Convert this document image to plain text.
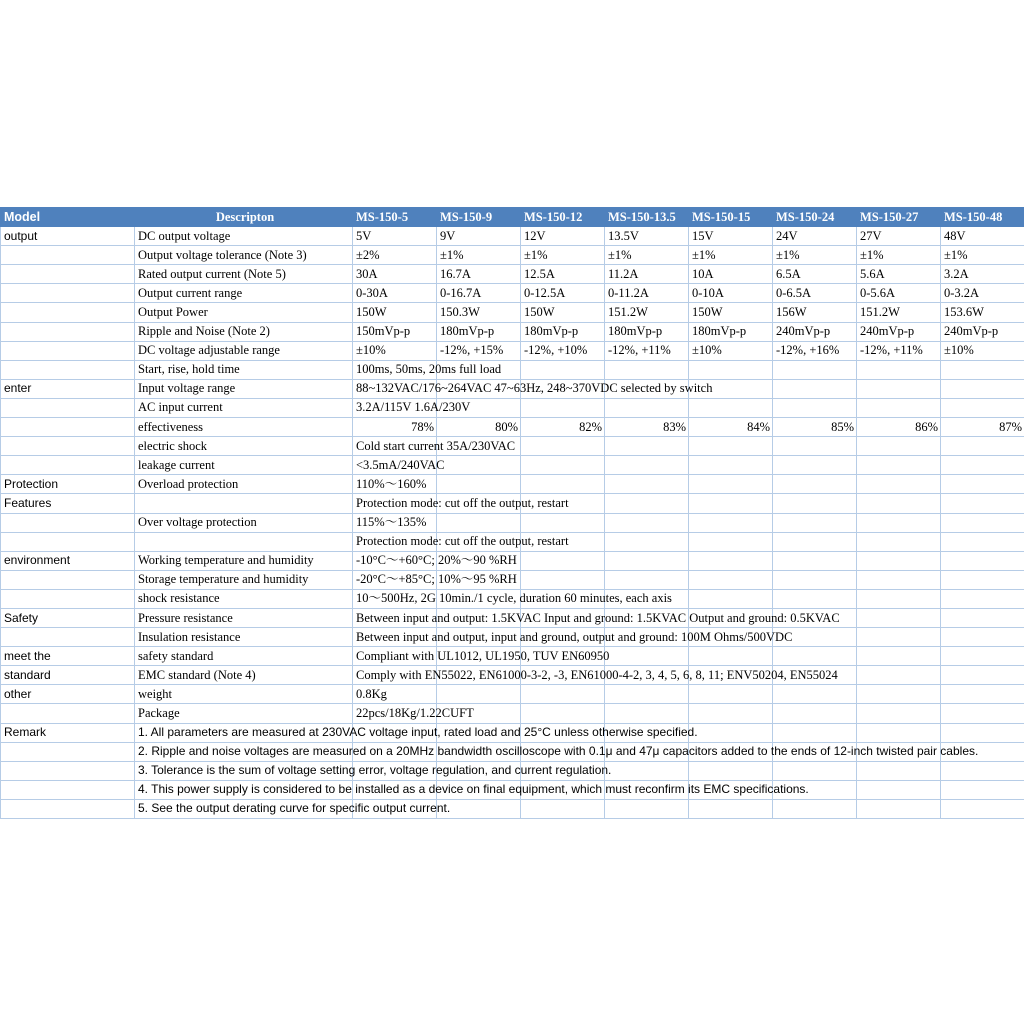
Model	Descripton	MS-150-5	MS-150-9	MS-150-12	MS-150-13.5	MS-150-15	MS-150-24	MS-150-27	MS-150-48
output	DC output voltage	5V	9V	12V	13.5V	15V	24V	27V	48V
	Output voltage tolerance (Note 3)	±2%	±1%	±1%	±1%	±1%	±1%	±1%	±1%
	Rated output current (Note 5)	30A	16.7A	12.5A	11.2A	10A	6.5A	5.6A	3.2A
	Output current range	0-30A	0-16.7A	0-12.5A	0-11.2A	0-10A	0-6.5A	0-5.6A	0-3.2A
	Output Power	150W	150.3W	150W	151.2W	150W	156W	151.2W	153.6W
	Ripple and Noise (Note 2)	150mVp-p	180mVp-p	180mVp-p	180mVp-p	180mVp-p	240mVp-p	240mVp-p	240mVp-p
	DC voltage adjustable range	±10%	-12%, +15%	-12%, +10%	-12%, +11%	±10%	-12%, +16%	-12%, +11%	±10%
	Start, rise, hold time	100ms, 50ms, 20ms full load							
enter	Input voltage range	88~132VAC/176~264VAC 47~63Hz, 248~370VDC selected by switch							
	AC input current	3.2A/115V 1.6A/230V							
	effectiveness	78%	80%	82%	83%	84%	85%	86%	87%
	electric shock	Cold start current 35A/230VAC							
	leakage current	<3.5mA/240VAC							
Protection	Overload protection	110%～160%							
Features		Protection mode: cut off the output, restart							
	Over voltage protection	115%～135%							
		Protection mode: cut off the output, restart							
environment	Working temperature and humidity	-10°C～+60°C; 20%～90 %RH							
	Storage temperature and humidity	-20°C～+85°C; 10%～95 %RH							
	shock resistance	10～500Hz, 2G 10min./1 cycle, duration 60 minutes, each axis							
Safety	Pressure resistance	Between input and output: 1.5KVAC Input and ground: 1.5KVAC Output and ground: 0.5KVAC							
	Insulation resistance	Between input and output, input and ground, output and ground: 100M Ohms/500VDC							
meet the	safety standard	Compliant with UL1012, UL1950, TUV EN60950							
standard	EMC standard (Note 4)	Comply with EN55022, EN61000-3-2, -3, EN61000-4-2, 3, 4, 5, 6, 8, 11; ENV50204, EN55024							
other	weight	0.8Kg							
	Package	22pcs/18Kg/1.22CUFT							
Remark	1. All parameters are measured at 230VAC voltage input, rated load and 25°C unless otherwise specified.								
	2. Ripple and noise voltages are measured on a 20MHz bandwidth oscilloscope with 0.1μ and 47μ capacitors added to the ends of 12-inch twisted pair cables.								
	3. Tolerance is the sum of voltage setting error, voltage regulation, and current regulation.								
	4. This power supply is considered to be installed as a device on final equipment, which must reconfirm its EMC specifications.								
	5. See the output derating curve for specific output current.								
